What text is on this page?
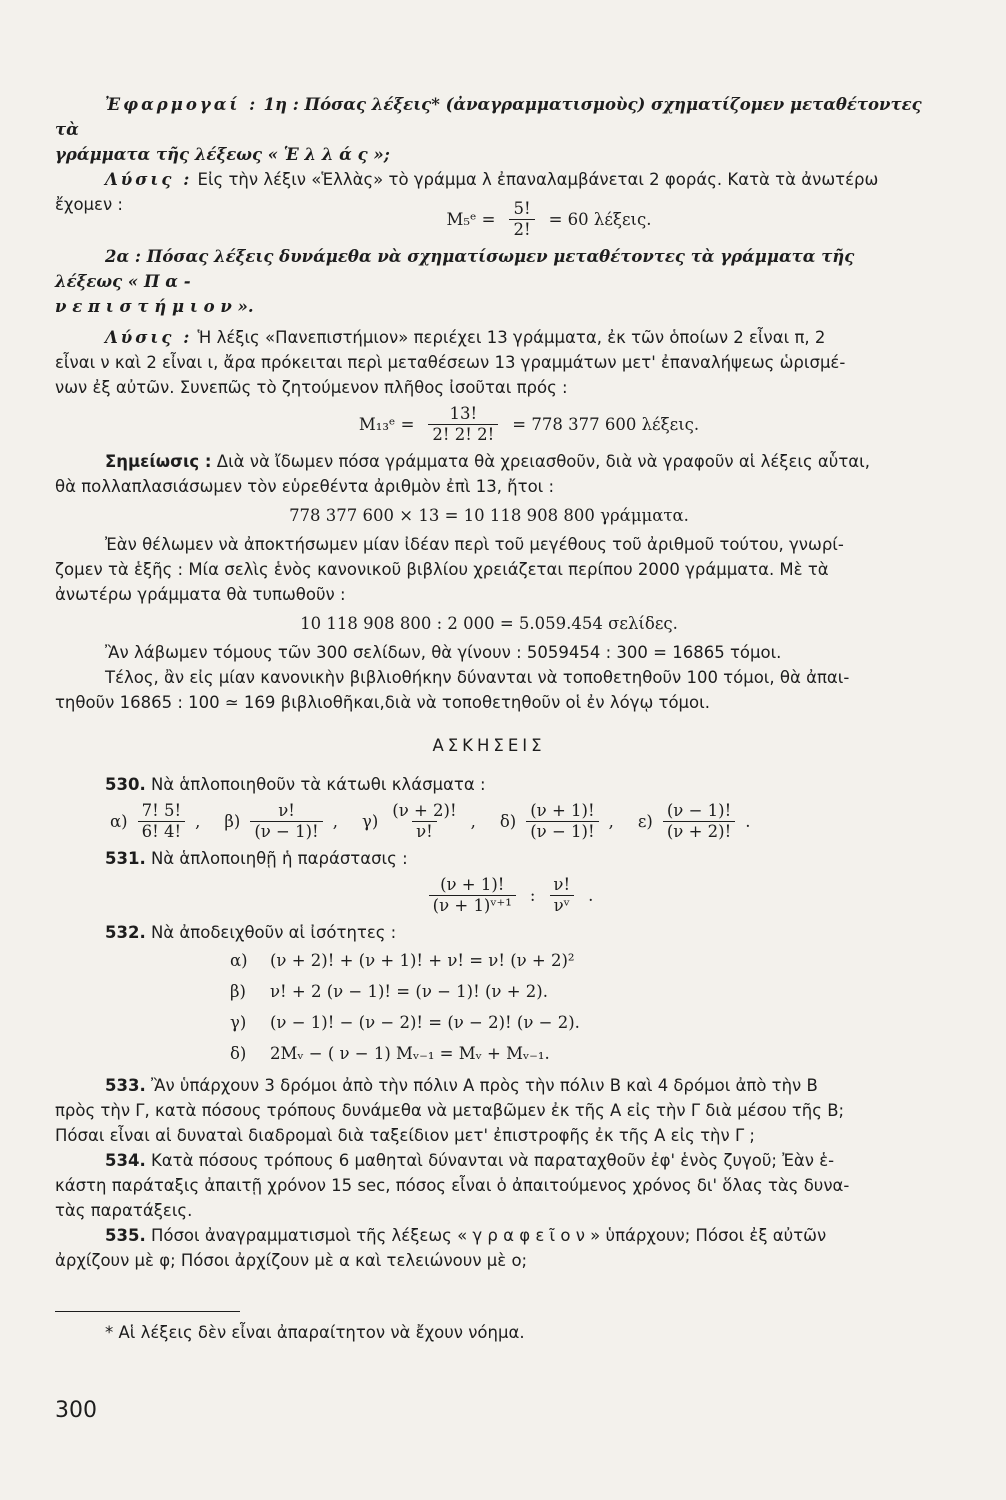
Ἐφαρμογαί : 1η : Πόσας λέξεις* (ἀναγραμματισμοὺς) σχηματίζομεν μεταθέτοντες τὰ

γράμματα τῆς λέξεως « Ἑ λ λ ά ς »;

Λύσις : Εἰς τὴν λέξιν «Ἑλλὰς» τὸ γράμμα λ ἐπαναλαμβάνεται 2 φοράς. Κατὰ τὰ ἀνωτέρω

ἔχομεν :

M₅ᵉ = $\frac{5!}{2!} = 60$ λέξεις.

2α : Πόσας λέξεις δυνάμεθα νὰ σχηματίσωμεν μεταθέτοντες τὰ γράμματα τῆς λέξεως « Π α -

ν ε π ι σ τ ή μ ι ο ν ».

Λύσις : Ἡ λέξις «Πανεπιστήμιον» περιέχει 13 γράμματα, ἐκ τῶν ὁποίων 2 εἶναι π, 2

εἶναι ν καὶ 2 εἶναι ι, ἄρα πρόκειται περὶ μεταθέσεων 13 γραμμάτων μετ' ἐπαναλήψεως ὡρισμέ-

νων ἐξ αὐτῶν. Συνεπῶς τὸ ζητούμενον πλῆθος ἰσοῦται πρός :

M₁₃ᵉ = $\frac{13!}{2! 2! 2!} = 778$ 377 600 λέξεις.

Σημείωσις : Διὰ νὰ ἴδωμεν πόσα γράμματα θὰ χρειασθοῦν, διὰ νὰ γραφοῦν αἱ λέξεις αὗται,

θὰ πολλαπλασιάσωμεν τὸν εὑρεθέντα ἀριθμὸν ἐπὶ 13, ἤτοι :

778 377 600 × 13 = 10 118 908 800 γράμματα.

Ἐὰν θέλωμεν νὰ ἀποκτήσωμεν μίαν ἰδέαν περὶ τοῦ μεγέθους τοῦ ἀριθμοῦ τούτου, γνωρί-

ζομεν τὰ ἑξῆς : Μία σελὶς ἑνὸς κανονικοῦ βιβλίου χρειάζεται περίπου 2000 γράμματα. Μὲ τὰ

ἀνωτέρω γράμματα θὰ τυπωθοῦν :

10 118 908 800 : 2 000 = 5.059.454 σελίδες.

Ἂν λάβωμεν τόμους τῶν 300 σελίδων, θὰ γίνουν : 5059454 : 300 = 16865 τόμοι.

Τέλος, ἂν εἰς μίαν κανονικὴν βιβλιοθήκην δύνανται νὰ τοποθετηθοῦν 100 τόμοι, θὰ ἀπαι-

τηθοῦν 16865 : 100 ≃ 169 βιβλιοθῆκαι,διὰ νὰ τοποθετηθοῦν οἱ ἐν λόγῳ τόμοι.

ΑΣΚΗΣΕΙΣ

530. Νὰ ἁπλοποιηθοῦν τὰ κάτωθι κλάσματα :

$\alpha) \frac{7! 5!}{6! 4!}$ , $\beta) \frac{\nu!}{(\nu - 1)!}$ , $\gamma) \frac{(\nu + 2)!}{\nu!}$ , $\delta) \frac{(\nu + 1)!}{(\nu - 1)!}$ , $\varepsilon) \frac{(\nu - 1)!}{(\nu + 2)!}$ .

531. Νὰ ἁπλοποιηθῇ ἡ παράστασις :

$\frac{(\nu + 1)!}{\text{(ν + 1)ᵛ⁺¹}}$ : $\frac{\nu!}{\text{νᵛ}}$ .

532. Νὰ ἀποδειχθοῦν αἱ ἰσότητες :

α) (ν + 2)! + (ν + 1)! + ν! = ν! (ν + 2)²

β) ν! + 2 (ν − 1)! = (ν − 1)! (ν + 2).

γ) (ν − 1)! − (ν − 2)! = (ν − 2)! (ν − 2).

δ) 2Mᵥ − ( ν − 1) Mᵥ₋₁ = Mᵥ + Mᵥ₋₁.

533. Ἂν ὑπάρχουν 3 δρόμοι ἀπὸ τὴν πόλιν Α πρὸς τὴν πόλιν Β καὶ 4 δρόμοι ἀπὸ τὴν Β

πρὸς τὴν Γ, κατὰ πόσους τρόπους δυνάμεθα νὰ μεταβῶμεν ἐκ τῆς Α εἰς τὴν Γ διὰ μέσου τῆς Β;

Πόσαι εἶναι αἱ δυναταὶ διαδρομαὶ διὰ ταξείδιον μετ' ἐπιστροφῆς ἐκ τῆς Α εἰς τὴν Γ ;

534. Κατὰ πόσους τρόπους 6 μαθηταὶ δύνανται νὰ παραταχθοῦν ἐφ' ἑνὸς ζυγοῦ; Ἐὰν ἑ-

κάστη παράταξις ἀπαιτῇ χρόνον 15 sec, πόσος εἶναι ὁ ἀπαιτούμενος χρόνος δι' ὅλας τὰς δυνα-

τὰς παρατάξεις.

535. Πόσοι ἀναγραμματισμοὶ τῆς λέξεως « γ ρ α φ ε ῖ ο ν » ὑπάρχουν; Πόσοι ἐξ αὐτῶν

ἀρχίζουν μὲ φ; Πόσοι ἀρχίζουν μὲ α καὶ τελειώνουν μὲ ο;

* Αἱ λέξεις δὲν εἶναι ἀπαραίτητον νὰ ἔχουν νόημα.

300
